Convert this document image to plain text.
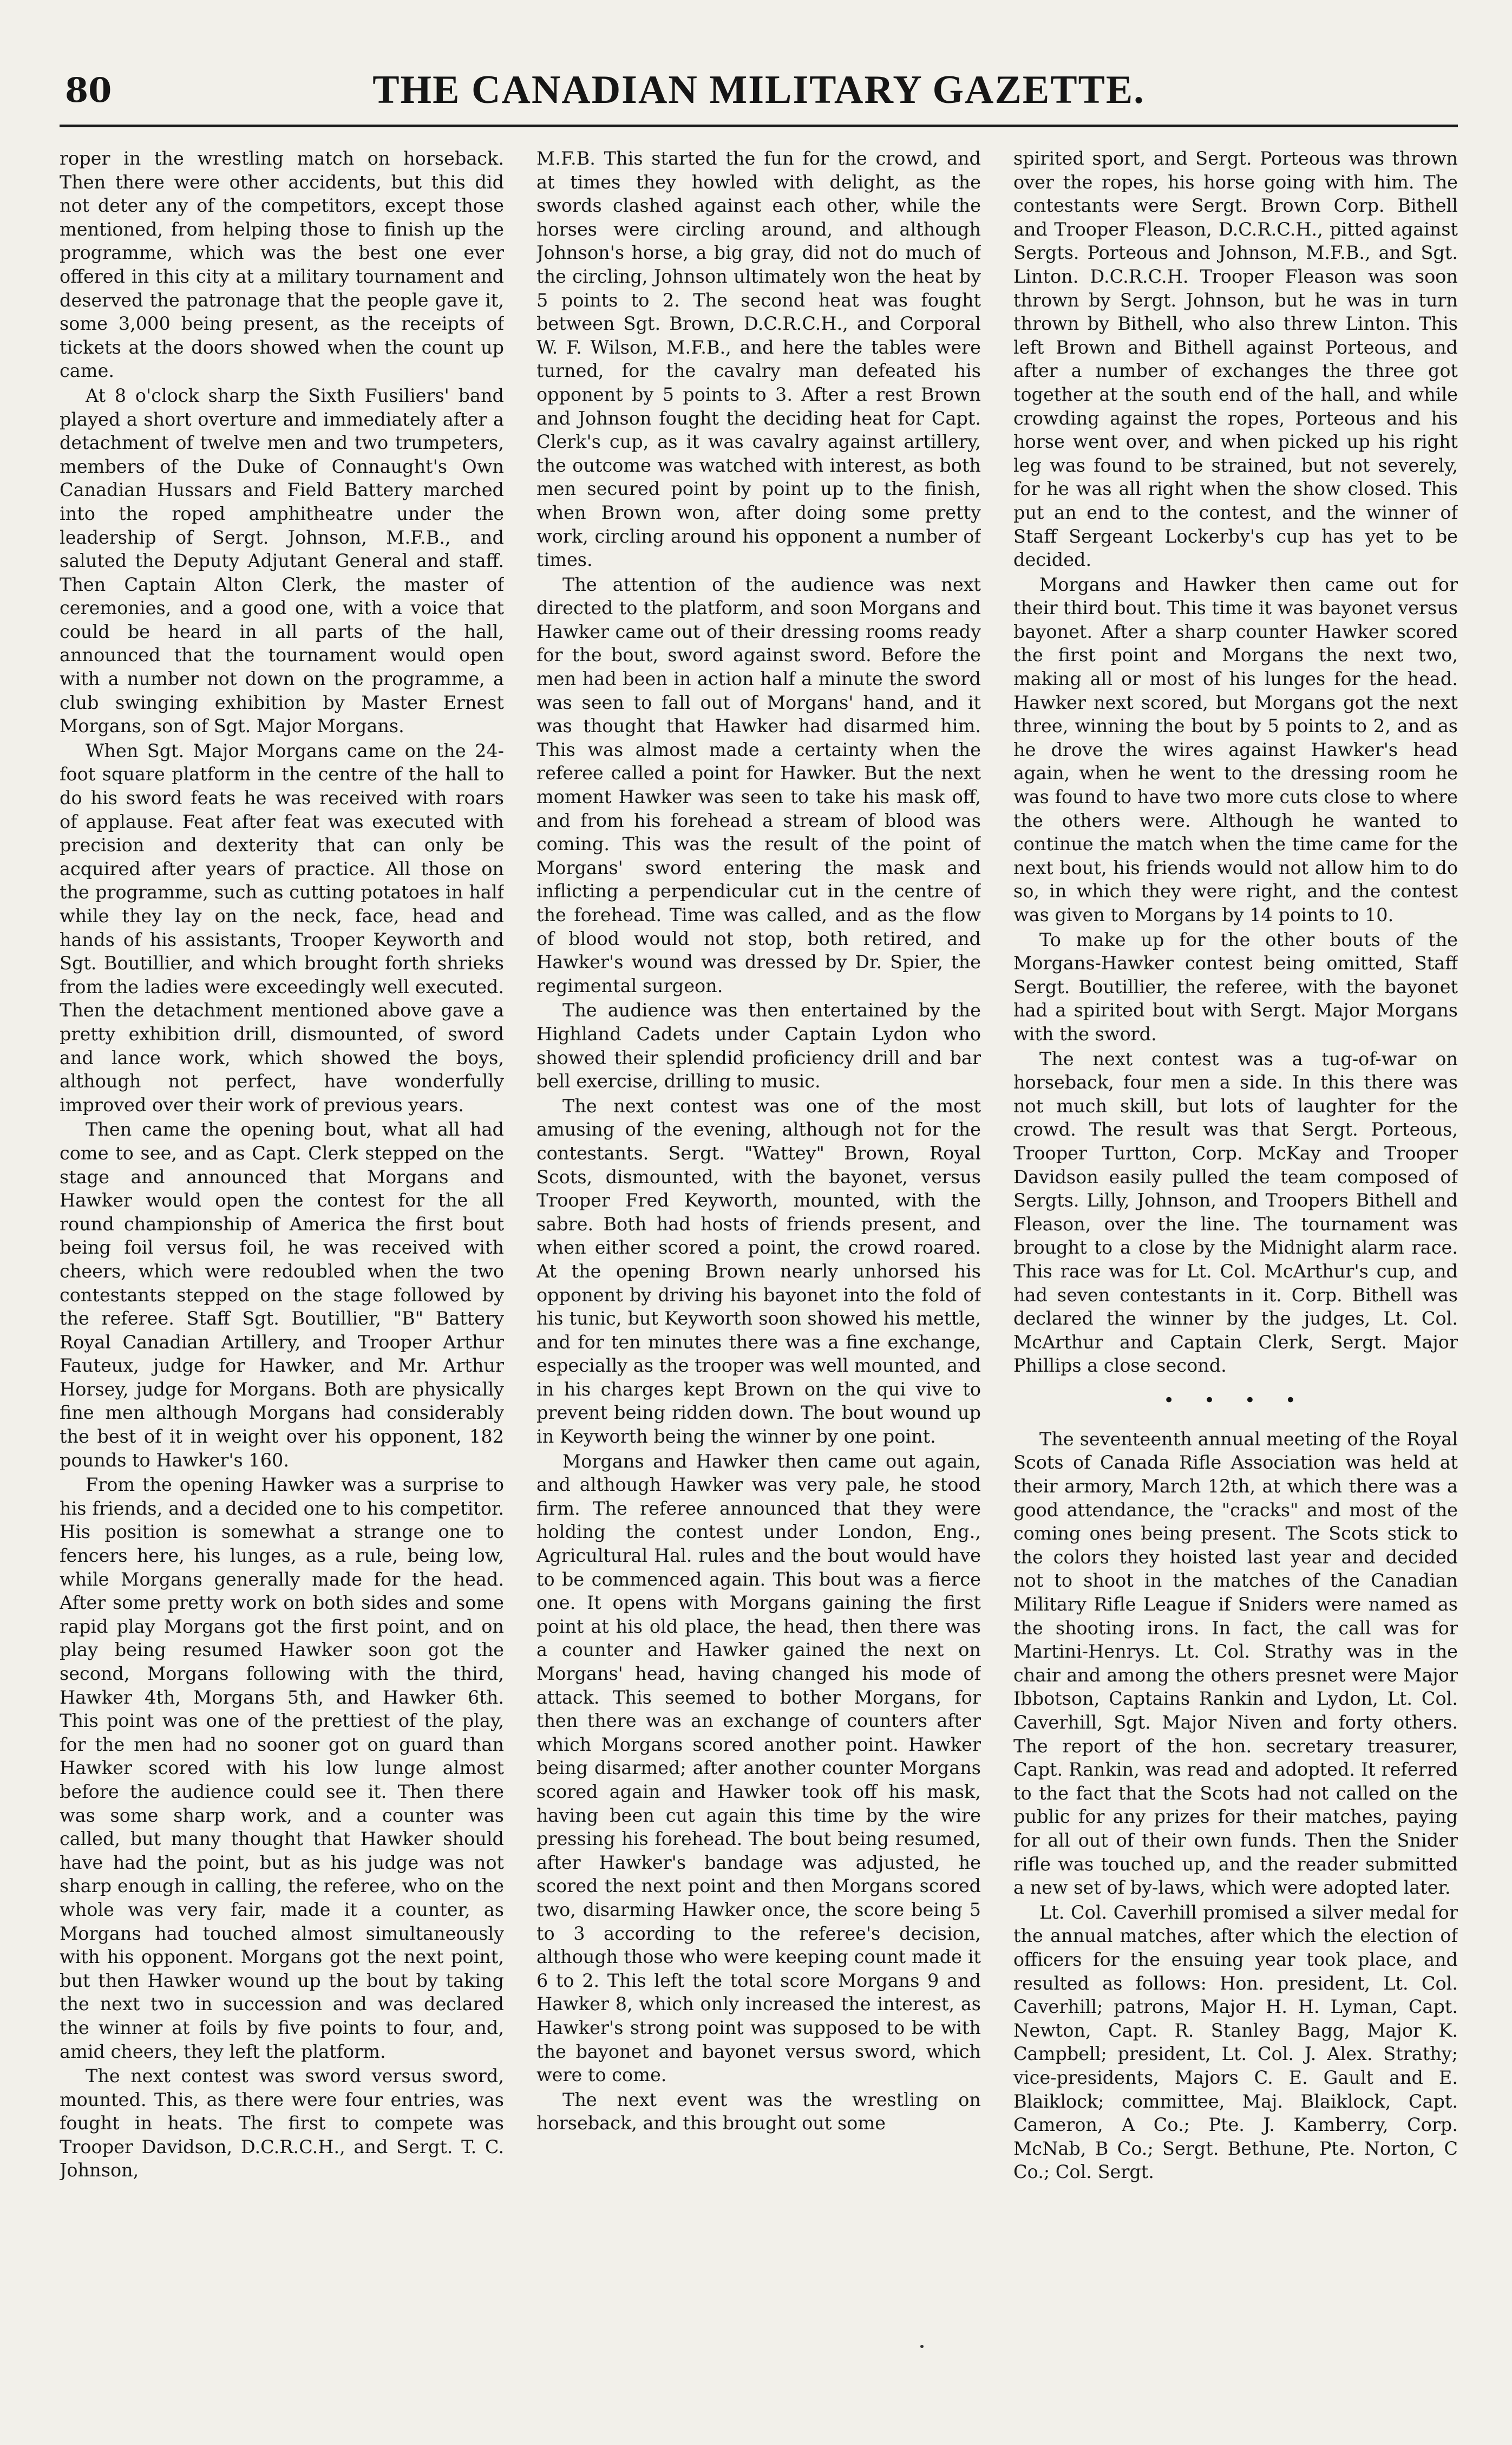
80	THE CANADIAN MILITARY GAZETTE.

roper in the wrestling match on horseback. Then there were other accidents, but this did not deter any of the competitors, except those mentioned, from helping those to finish up the programme, which was the best one ever offered in this city at a military tournament and deserved the patronage that the people gave it, some 3,000 being present, as the receipts of tickets at the doors showed when the count up came.

At 8 o'clock sharp the Sixth Fusiliers' band played a short overture and immediately after a detachment of twelve men and two trumpeters, members of the Duke of Connaught's Own Canadian Hussars and Field Battery marched into the roped amphitheatre under the leadership of Sergt. Johnson, M.F.B., and saluted the Deputy Adjutant General and staff. Then Captain Alton Clerk, the master of ceremonies, and a good one, with a voice that could be heard in all parts of the hall, announced that the tournament would open with a number not down on the programme, a club swinging exhibition by Master Ernest Morgans, son of Sgt. Major Morgans.

When Sgt. Major Morgans came on the 24-foot square platform in the centre of the hall to do his sword feats he was received with roars of applause. Feat after feat was executed with precision and dexterity that can only be acquired after years of practice. All those on the programme, such as cutting potatoes in half while they lay on the neck, face, head and hands of his assistants, Trooper Keyworth and Sgt. Boutillier, and which brought forth shrieks from the ladies were exceedingly well executed. Then the detachment mentioned above gave a pretty exhibition drill, dismounted, of sword and lance work, which showed the boys, although not perfect, have wonderfully improved over their work of previous years.

Then came the opening bout, what all had come to see, and as Capt. Clerk stepped on the stage and announced that Morgans and Hawker would open the contest for the all round championship of America the first bout being foil versus foil, he was received with cheers, which were redoubled when the two contestants stepped on the stage followed by the referee. Staff Sgt. Boutillier, "B" Battery Royal Canadian Artillery, and Trooper Arthur Fauteux, judge for Hawker, and Mr. Arthur Horsey, judge for Morgans. Both are physically fine men although Morgans had considerably the best of it in weight over his opponent, 182 pounds to Hawker's 160.

From the opening Hawker was a surprise to his friends, and a decided one to his competitor. His position is somewhat a strange one to fencers here, his lunges, as a rule, being low, while Morgans generally made for the head. After some pretty work on both sides and some rapid play Morgans got the first point, and on play being resumed Hawker soon got the second, Morgans following with the third, Hawker 4th, Morgans 5th, and Hawker 6th. This point was one of the prettiest of the play, for the men had no sooner got on guard than Hawker scored with his low lunge almost before the audience could see it. Then there was some sharp work, and a counter was called, but many thought that Hawker should have had the point, but as his judge was not sharp enough in calling, the referee, who on the whole was very fair, made it a counter, as Morgans had touched almost simultaneously with his opponent. Morgans got the next point, but then Hawker wound up the bout by taking the next two in succession and was declared the winner at foils by five points to four, and, amid cheers, they left the platform.

The next contest was sword versus sword, mounted. This, as there were four entries, was fought in heats. The first to compete was Trooper Davidson, D.C.R.C.H., and Sergt. T. C. Johnson,

M.F.B. This started the fun for the crowd, and at times they howled with delight, as the swords clashed against each other, while the horses were circling around, and although Johnson's horse, a big gray, did not do much of the circling, Johnson ultimately won the heat by 5 points to 2. The second heat was fought between Sgt. Brown, D.C.R.C.H., and Corporal W. F. Wilson, M.F.B., and here the tables were turned, for the cavalry man defeated his opponent by 5 points to 3. After a rest Brown and Johnson fought the deciding heat for Capt. Clerk's cup, as it was cavalry against artillery, the outcome was watched with interest, as both men secured point by point up to the finish, when Brown won, after doing some pretty work, circling around his opponent a number of times.

The attention of the audience was next directed to the platform, and soon Morgans and Hawker came out of their dressing rooms ready for the bout, sword against sword. Before the men had been in action half a minute the sword was seen to fall out of Morgans' hand, and it was thought that Hawker had disarmed him. This was almost made a certainty when the referee called a point for Hawker. But the next moment Hawker was seen to take his mask off, and from his forehead a stream of blood was coming. This was the result of the point of Morgans' sword entering the mask and inflicting a perpendicular cut in the centre of the forehead. Time was called, and as the flow of blood would not stop, both retired, and Hawker's wound was dressed by Dr. Spier, the regimental surgeon.

The audience was then entertained by the Highland Cadets under Captain Lydon who showed their splendid proficiency drill and bar bell exercise, drilling to music.

The next contest was one of the most amusing of the evening, although not for the contestants. Sergt. "Wattey" Brown, Royal Scots, dismounted, with the bayonet, versus Trooper Fred Keyworth, mounted, with the sabre. Both had hosts of friends present, and when either scored a point, the crowd roared. At the opening Brown nearly unhorsed his opponent by driving his bayonet into the fold of his tunic, but Keyworth soon showed his mettle, and for ten minutes there was a fine exchange, especially as the trooper was well mounted, and in his charges kept Brown on the qui vive to prevent being ridden down. The bout wound up in Keyworth being the winner by one point.

Morgans and Hawker then came out again, and although Hawker was very pale, he stood firm. The referee announced that they were holding the contest under London, Eng., Agricultural Hal. rules and the bout would have to be commenced again. This bout was a fierce one. It opens with Morgans gaining the first point at his old place, the head, then there was a counter and Hawker gained the next on Morgans' head, having changed his mode of attack. This seemed to bother Morgans, for then there was an exchange of counters after which Morgans scored another point. Hawker being disarmed; after another counter Morgans scored again and Hawker took off his mask, having been cut again this time by the wire pressing his forehead. The bout being resumed, after Hawker's bandage was adjusted, he scored the next point and then Morgans scored two, disarming Hawker once, the score being 5 to 3 according to the referee's decision, although those who were keeping count made it 6 to 2. This left the total score Morgans 9 and Hawker 8, which only increased the interest, as Hawker's strong point was supposed to be with the bayonet and bayonet versus sword, which were to come.

The next event was the wrestling on horseback, and this brought out some

spirited sport, and Sergt. Porteous was thrown over the ropes, his horse going with him. The contestants were Sergt. Brown Corp. Bithell and Trooper Fleason, D.C.R.C.H., pitted against Sergts. Porteous and Johnson, M.F.B., and Sgt. Linton. D.C.R.C.H. Trooper Fleason was soon thrown by Sergt. Johnson, but he was in turn thrown by Bithell, who also threw Linton. This left Brown and Bithell against Porteous, and after a number of exchanges the three got together at the south end of the hall, and while crowding against the ropes, Porteous and his horse went over, and when picked up his right leg was found to be strained, but not severely, for he was all right when the show closed. This put an end to the contest, and the winner of Staff Sergeant Lockerby's cup has yet to be decided.

Morgans and Hawker then came out for their third bout. This time it was bayonet versus bayonet. After a sharp counter Hawker scored the first point and Morgans the next two, making all or most of his lunges for the head. Hawker next scored, but Morgans got the next three, winning the bout by 5 points to 2, and as he drove the wires against Hawker's head again, when he went to the dressing room he was found to have two more cuts close to where the others were. Although he wanted to continue the match when the time came for the next bout, his friends would not allow him to do so, in which they were right, and the contest was given to Morgans by 14 points to 10.

To make up for the other bouts of the Morgans-Hawker contest being omitted, Staff Sergt. Boutillier, the referee, with the bayonet had a spirited bout with Sergt. Major Morgans with the sword.

The next contest was a tug-of-war on horseback, four men a side. In this there was not much skill, but lots of laughter for the crowd. The result was that Sergt. Porteous, Trooper Turtton, Corp. McKay and Trooper Davidson easily pulled the team composed of Sergts. Lilly, Johnson, and Troopers Bithell and Fleason, over the line. The tournament was brought to a close by the Midnight alarm race. This race was for Lt. Col. McArthur's cup, and had seven contestants in it. Corp. Bithell was declared the winner by the judges, Lt. Col. McArthur and Captain Clerk, Sergt. Major Phillips a close second.

• • • •

The seventeenth annual meeting of the Royal Scots of Canada Rifle Association was held at their armory, March 12th, at which there was a good attendance, the "cracks" and most of the coming ones being present. The Scots stick to the colors they hoisted last year and decided not to shoot in the matches of the Canadian Military Rifle League if Sniders were named as the shooting irons. In fact, the call was for Martini-Henrys. Lt. Col. Strathy was in the chair and among the others presnet were Major Ibbotson, Captains Rankin and Lydon, Lt. Col. Caverhill, Sgt. Major Niven and forty others. The report of the hon. secretary treasurer, Capt. Rankin, was read and adopted. It referred to the fact that the Scots had not called on the public for any prizes for their matches, paying for all out of their own funds. Then the Snider rifle was touched up, and the reader submitted a new set of by-laws, which were adopted later.

Lt. Col. Caverhill promised a silver medal for the annual matches, after which the election of officers for the ensuing year took place, and resulted as follows: Hon. president, Lt. Col. Caverhill; patrons, Major H. H. Lyman, Capt. Newton, Capt. R. Stanley Bagg, Major K. Campbell; president, Lt. Col. J. Alex. Strathy; vice-presidents, Majors C. E. Gault and E. Blaiklock; committee, Maj. Blaiklock, Capt. Cameron, A Co.; Pte. J. Kamberry, Corp. McNab, B Co.; Sergt. Bethune, Pte. Norton, C Co.; Col. Sergt.
